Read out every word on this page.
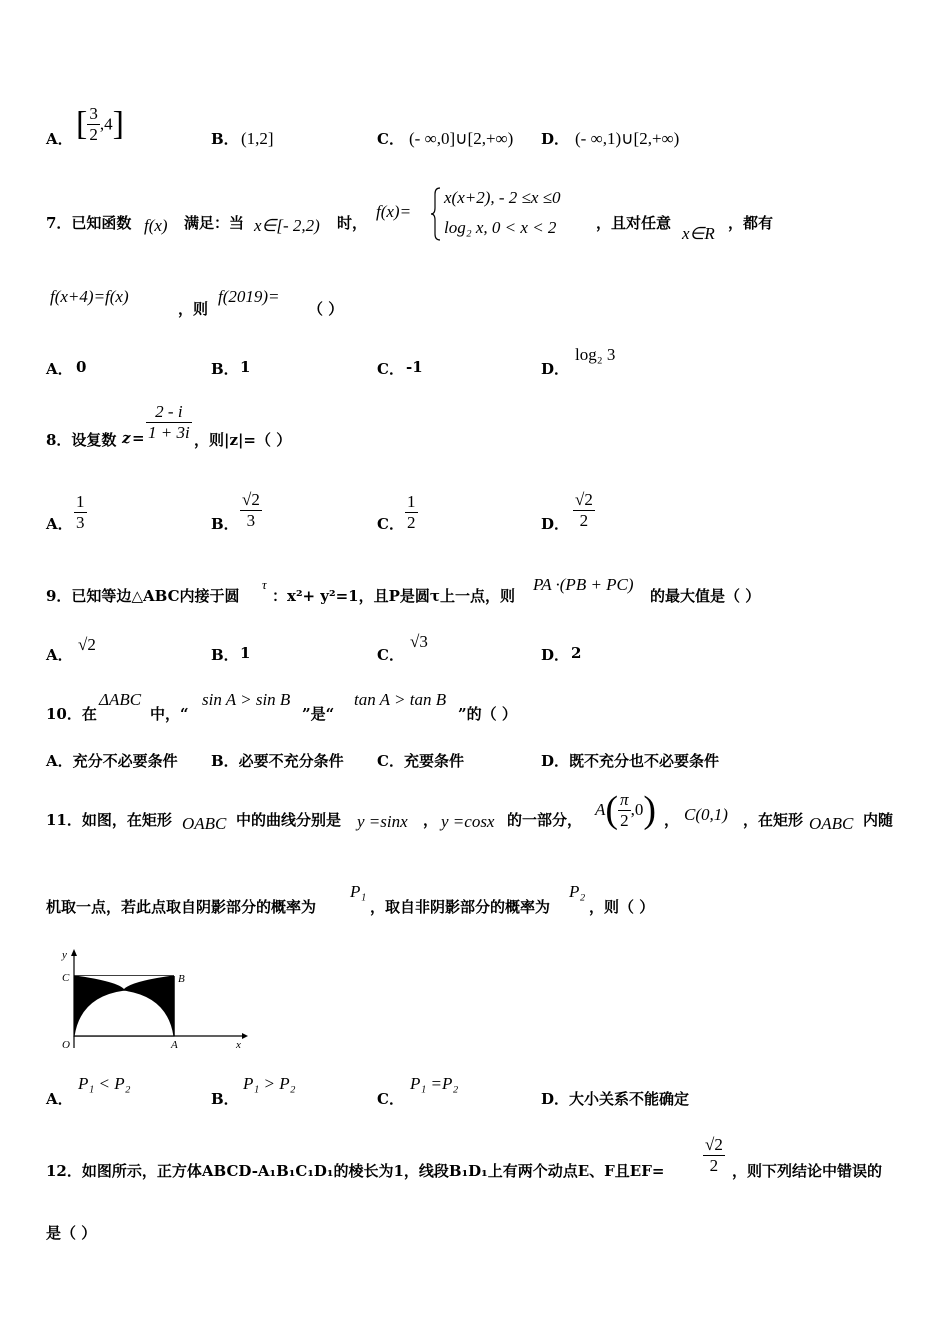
A． [ $\frac{3}{2} ,4$]	B． (1,2]	C． (- ∞,0]∪[2,+∞) D． (- ∞,1)∪[2,+∞)
7．已知函数 f(x) 满足：当 x∈[- 2,2) 时，
f(x)=
x(x+2), - 2 ≤x ≤0
log₂ x, 0 < x < 2	，且对任意
x∈R
，都有
f(x+4)=f(x)
，则
f(2019)=
（ ）
A． 0	B． 1	C． -1	D．
log₂ 3
8．设复数 $z = \frac{2 - i}{1 + 3i}$ ，则|z|=（ ）
A． $\frac{1}{3}$	B． $\frac{√2}{3}$	C． $\frac{1}{2}$	D． $\frac{√2}{2}$
9．已知等边△ABC内接于圆
τ
：x²+ y²=1，且P是圆τ上一点，则
PA ·(PB + PC)
的最大值是（ ）
A．
√2
B． 1	C．
√3
D． 2
10．在
ΔABC
中，“
sin A > sin B
”是“
tan A > tan B
”的（ ）
A．充分不必要条件 B．必要不充分条件 C．充要条件	D．既不充分也不必要条件
11．如图，在矩形 OABC 中的曲线分别是 y =sinx ， y =cosx 的一部分，
$A( \frac{\pi}{2} ,0)$ ， C(0,1) ，在矩形 OABC 内随
机取一点，若此点取自阴影部分的概率为
P₁
，取自非阴影部分的概率为
P₂
，则（ ）
y
C	B
O	A	x
A．
P₁ < P₂
B．
P₁ > P₂
C．
P₁ =P₂
D．大小关系不能确定
12．如图所示，正方体ABCD-A₁B₁C₁D₁的棱长为1，线段B₁D₁上有两个动点E、F且$EF= \frac{√2}{2}$ ，则下列结论中错误的
是（ ）
